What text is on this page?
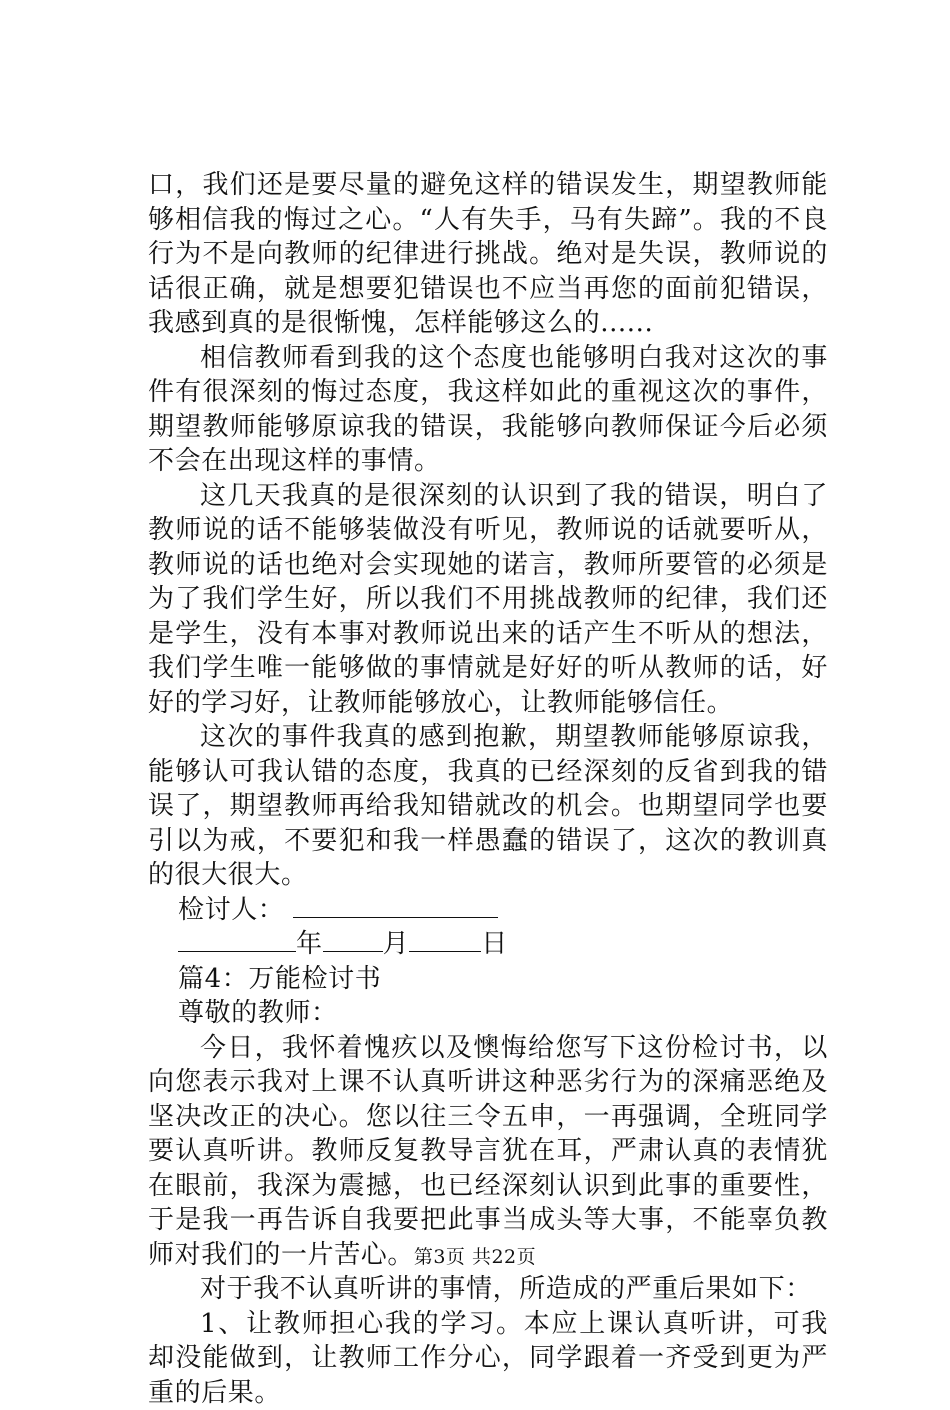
口，我们还是要尽量的避免这样的错误发生，期望教师能够相信我的悔过之心。“人有失手，马有失蹄”。我的不良行为不是向教师的纪律进行挑战。绝对是失误，教师说的话很正确，就是想要犯错误也不应当再您的面前犯错误，我感到真的是很惭愧，怎样能够这么的......

相信教师看到我的这个态度也能够明白我对这次的事件有很深刻的悔过态度，我这样如此的重视这次的事件，期望教师能够原谅我的错误，我能够向教师保证今后必须不会在出现这样的事情。

这几天我真的是很深刻的认识到了我的错误，明白了教师说的话不能够装做没有听见，教师说的话就要听从，教师说的话也绝对会实现她的诺言，教师所要管的必须是为了我们学生好，所以我们不用挑战教师的纪律，我们还是学生，没有本事对教师说出来的话产生不听从的想法，我们学生唯一能够做的事情就是好好的听从教师的话，好好的学习好，让教师能够放心，让教师能够信任。

这次的事件我真的感到抱歉，期望教师能够原谅我，能够认可我认错的态度，我真的已经深刻的反省到我的错误了，期望教师再给我知错就改的机会。也期望同学也要引以为戒，不要犯和我一样愚蠢的错误了，这次的教训真的很大很大。

检讨人：

年 月	日

篇4：万能检讨书

尊敬的教师：

今日，我怀着愧疚以及懊悔给您写下这份检讨书，以向您表示我对上课不认真听讲这种恶劣行为的深痛恶绝及坚决改正的决心。您以往三令五申，一再强调，全班同学要认真听讲。教师反复教导言犹在耳，严肃认真的表情犹在眼前，我深为震撼，也已经深刻认识到此事的重要性，于是我一再告诉自我要把此事当成头等大事，不能辜负教师对我们的一片苦心。

对于我不认真听讲的事情，所造成的严重后果如下：

1、让教师担心我的学习。本应上课认真听讲，可我却没能做到，让教师工作分心，同学跟着一齐受到更为严重的后果。

第3页 共22页
